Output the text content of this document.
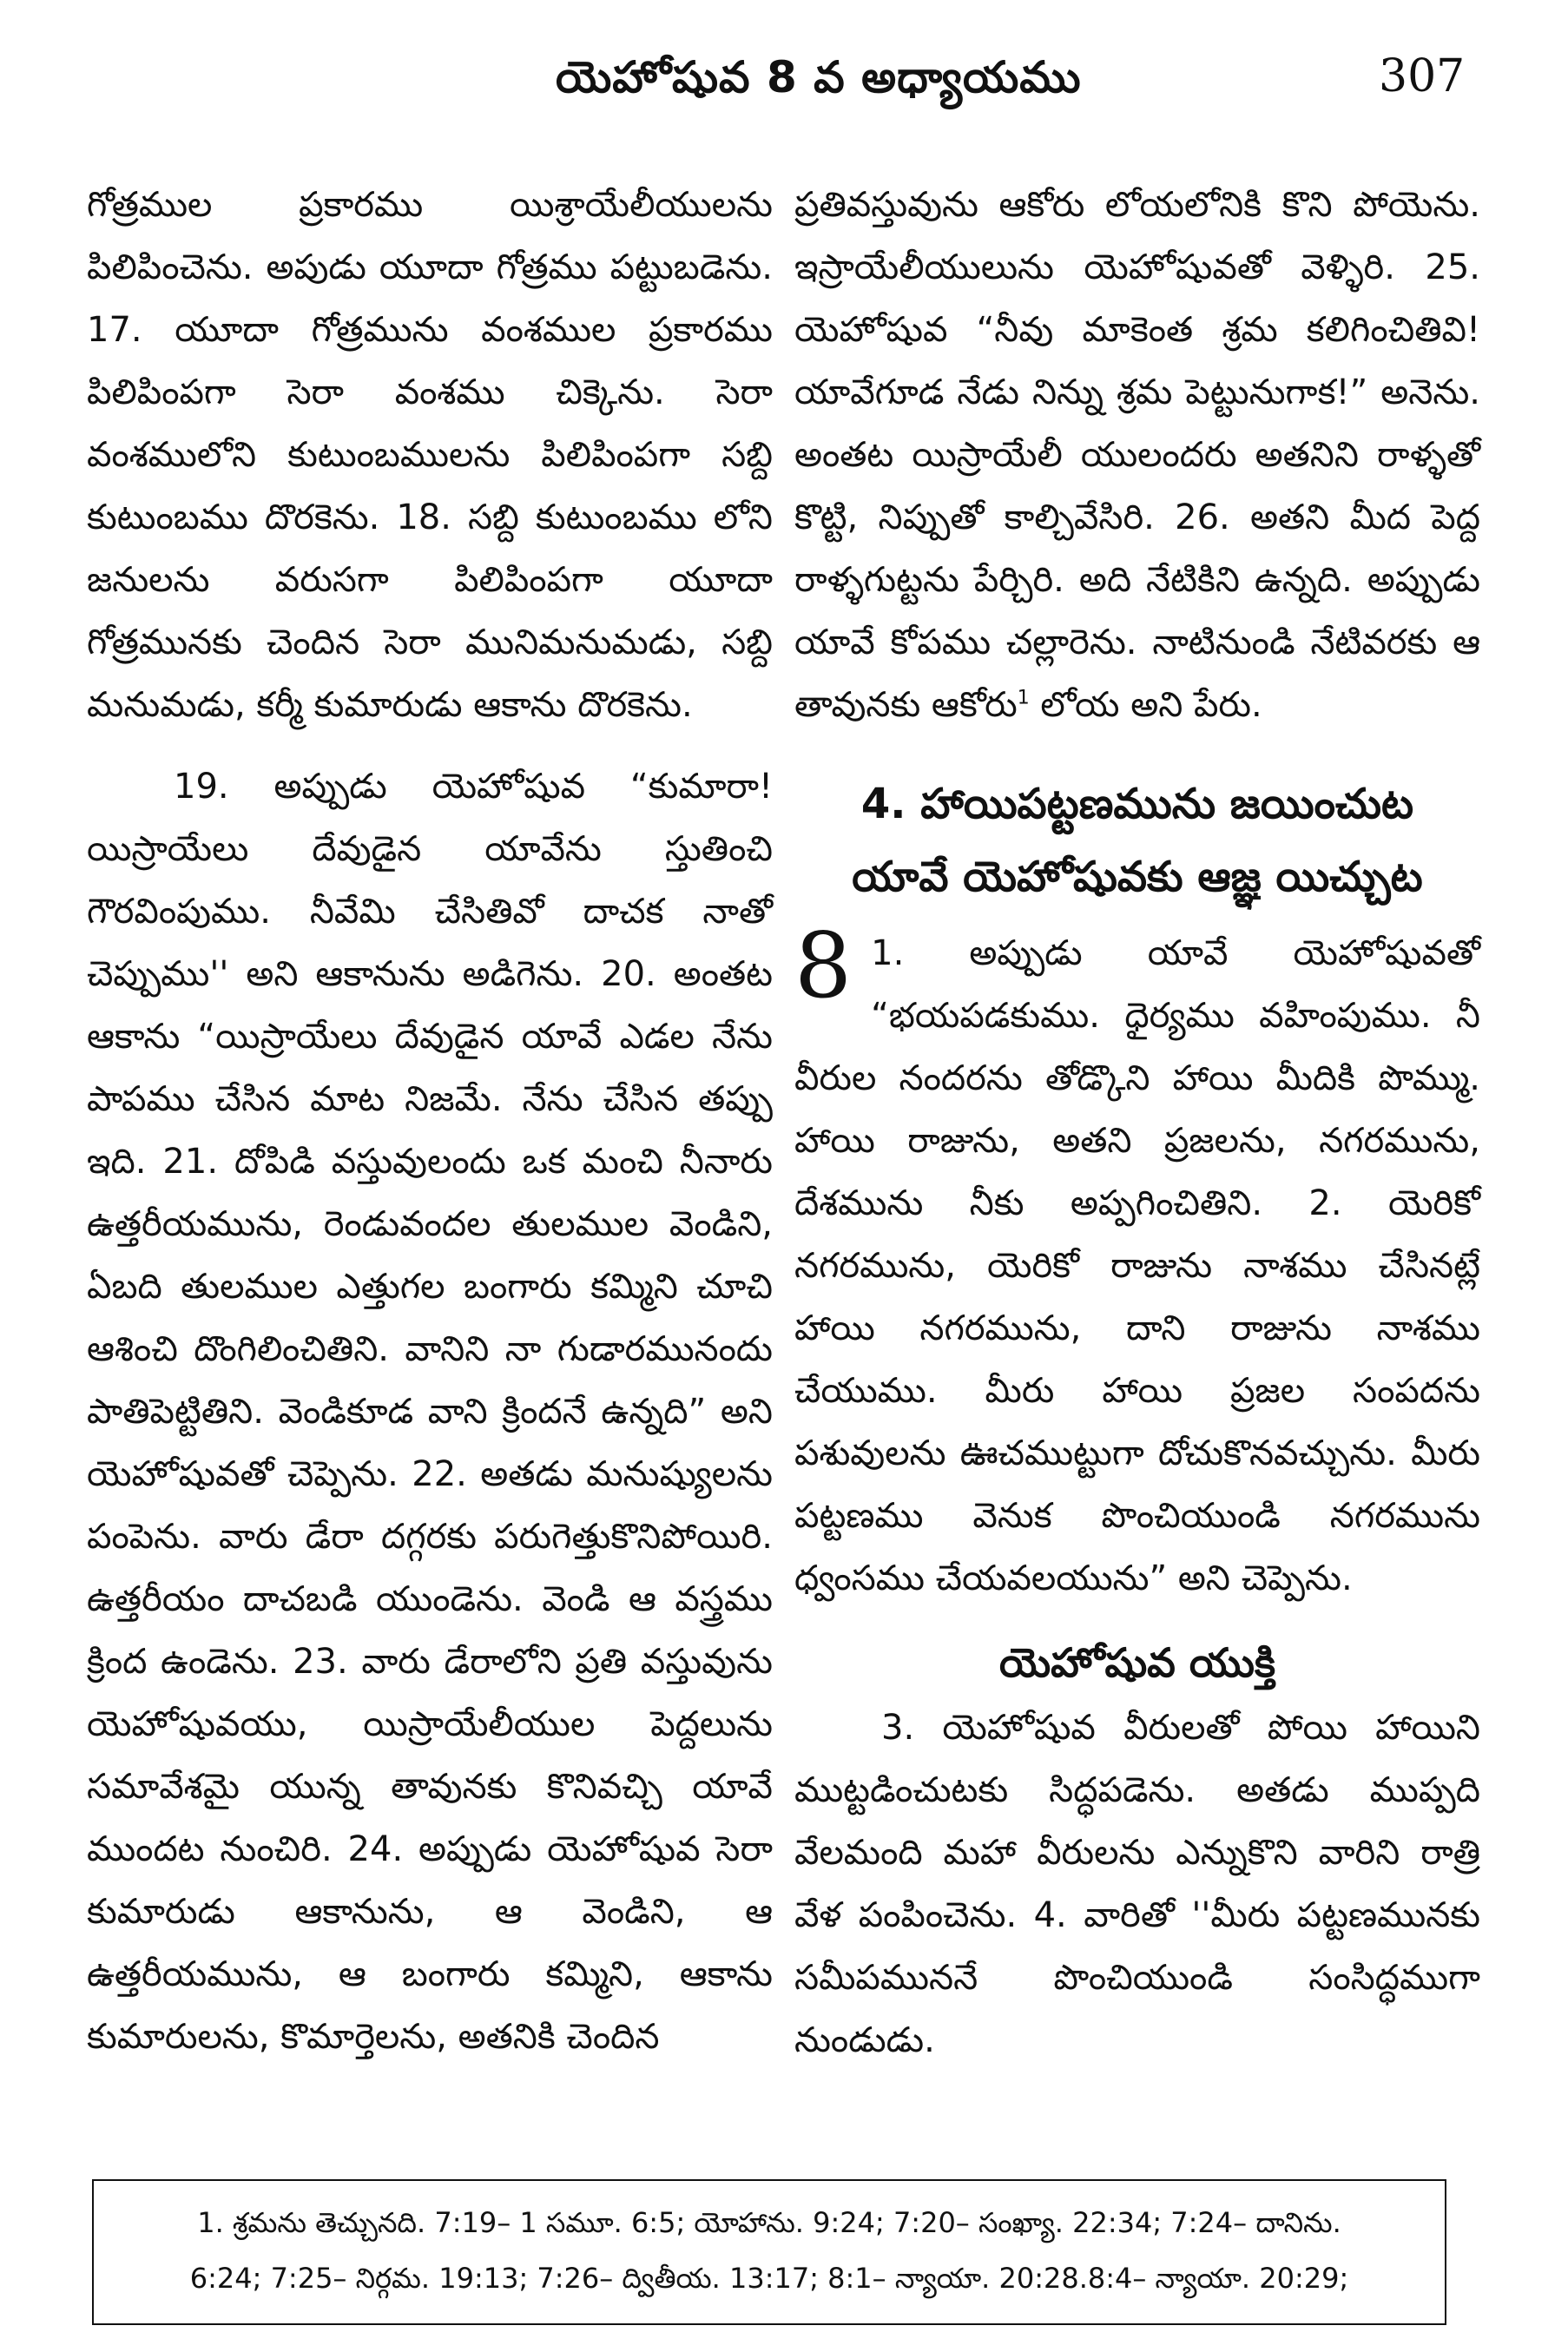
యెహోషువ 8 వ అధ్యాయము	307

గోత్రముల ప్రకారము యిశ్రాయేలీయులను పిలిపించెను. అపుడు యూదా గోత్రము పట్టుబడెను. 17. యూదా గోత్రమును వంశముల ప్రకారము పిలిపింపగా సెరా వంశము చిక్కెను. సెరా వంశములోని కుటుంబములను పిలిపింపగా సబ్ది కుటుంబము దొరకెను. 18. సబ్ది కుటుంబము లోని జనులను వరుసగా పిలిపింపగా యూదా గోత్రమునకు చెందిన సెరా మునిమనుమడు, సబ్ది మనుమడు, కర్మీ కుమారుడు ఆకాను దొరకెను.

19. అప్పుడు యెహోషువ “కుమారా! యిస్రాయేలు దేవుడైన యావేను స్తుతించి గౌరవింపుము. నీవేమి చేసితివో దాచక నాతో చెప్పుము'' అని ఆకానును అడిగెను. 20. అంతట ఆకాను “యిస్రాయేలు దేవుడైన యావే ఎడల నేను పాపము చేసిన మాట నిజమే. నేను చేసిన తప్పు ఇది. 21. దోపిడి వస్తువులందు ఒక మంచి నీనారు ఉత్తరీయమును, రెండువందల తులముల వెండిని, ఏబది తులముల ఎత్తుగల బంగారు కమ్మిని చూచి ఆశించి దొంగిలించితిని. వానిని నా గుడారమునందు పాతిపెట్టితిని. వెండికూడ వాని క్రిందనే ఉన్నది” అని యెహోషువతో చెప్పెను. 22. అతడు మనుష్యులను పంపెను. వారు డేరా దగ్గరకు పరుగెత్తుకొనిపోయిరి. ఉత్తరీయం దాచబడి యుండెను. వెండి ఆ వస్త్రము క్రింద ఉండెను. 23. వారు డేరాలోని ప్రతి వస్తువును యెహోషువయు, యిస్రాయేలీయుల పెద్దలును సమావేశమై యున్న తావునకు కొనివచ్చి యావే ముందట నుంచిరి. 24. అప్పుడు యెహోషువ సెరా కుమారుడు ఆకానును, ఆ వెండిని, ఆ ఉత్తరీయమును, ఆ బంగారు కమ్మిని, ఆకాను కుమారులను, కొమార్తెలను, అతనికి చెందిన

ప్రతివస్తువును ఆకోరు లోయలోనికి కొని పోయెను. ఇస్రాయేలీయులును యెహోషువతో వెళ్ళిరి. 25. యెహోషువ “నీవు మాకెంత శ్రమ కలిగించితివి! యావేగూడ నేడు నిన్ను శ్రమ పెట్టునుగాక!” అనెను. అంతట యిస్రాయేలీ యులందరు అతనిని రాళ్ళతో కొట్టి, నిప్పుతో కాల్చివేసిరి. 26. అతని మీద పెద్ద రాళ్ళగుట్టను పేర్చిరి. అది నేటికిని ఉన్నది. అప్పుడు యావే కోపము చల్లారెను. నాటినుండి నేటివరకు ఆ తావునకు ఆకోరు$^1$ లోయ అని పేరు.

4. హాయిపట్టణమును జయించుట
యావే యెహోషువకు ఆజ్ఞ యిచ్చుట

8 1. అప్పుడు యావే యెహోషువతో “భయపడకుము. ధైర్యము వహింపుము. నీ వీరుల నందరను తోడ్కొని హాయి మీదికి పొమ్ము. హాయి రాజును, అతని ప్రజలను, నగరమును, దేశమును నీకు అప్పగించితిని. 2. యెరికో నగరమును, యెరికో రాజును నాశము చేసినట్లే హాయి నగరమును, దాని రాజును నాశము చేయుము. మీరు హాయి ప్రజల సంపదను పశువులను ఊచముట్టుగా దోచుకొనవచ్చును. మీరు పట్టణము వెనుక పొంచియుండి నగరమును ధ్వంసము చేయవలయును” అని చెప్పెను.

యెహోషువ యుక్తి

3. యెహోషువ వీరులతో పోయి హాయిని ముట్టడించుటకు సిద్ధపడెను. అతడు ముప్పది వేలమంది మహా వీరులను ఎన్నుకొని వారిని రాత్రి వేళ పంపించెను. 4. వారితో ''మీరు పట్టణమునకు సమీపముననే పొంచియుండి సంసిద్ధముగా నుండుడు.

1. శ్రమను తెచ్చునది. 7:19– 1 సమూ. 6:5; యోహాను. 9:24; 7:20– సంఖ్యా. 22:34; 7:24– దానిను.
6:24; 7:25– నిర్గమ. 19:13; 7:26– ద్వితీయ. 13:17; 8:1– న్యాయా. 20:28.8:4– న్యాయా. 20:29;
